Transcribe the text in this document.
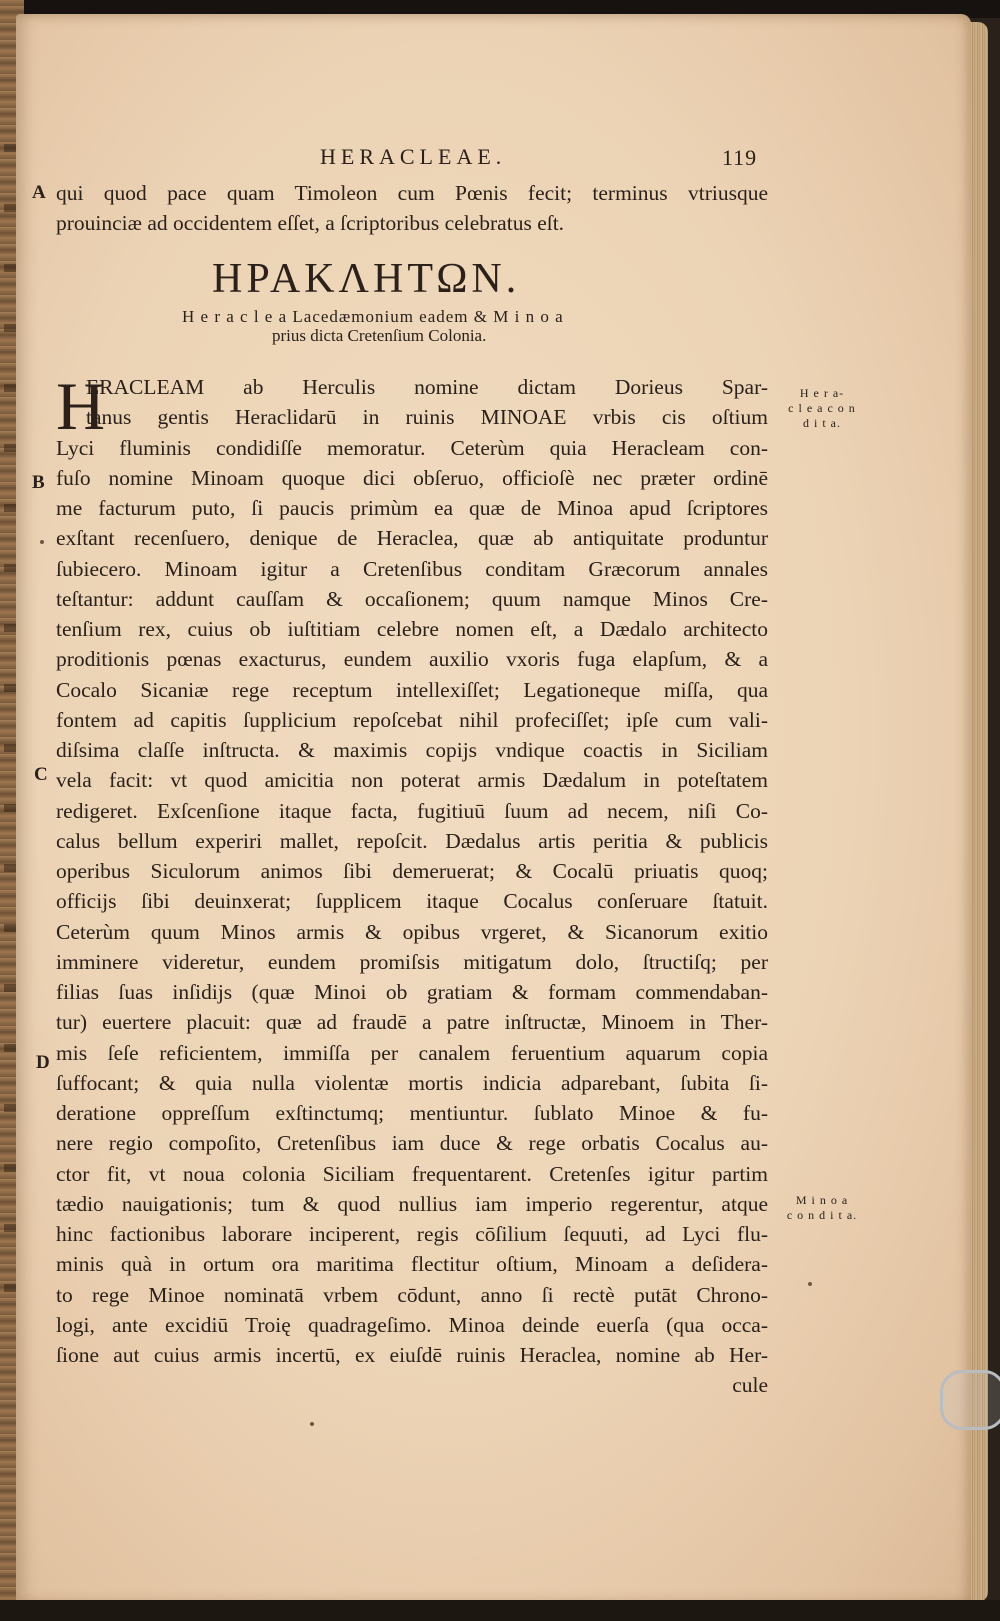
HERACLEAE.	119
A
B
C
D
qui quod pace quam Timoleon cum Pœnis fecit; terminus vtriusque
prouinciæ ad occidentem eſſet, a ſcriptoribus celebratus eſt.
ΗΡΑΚΛΗΤΩΝ.
H e r a c l e a Lacedæmonium eadem & M i n o a
prius dicta Cretenſium Colonia.
H
ERACLEAM ab Herculis nomine dictam Dorieus Spar-
tanus gentis Heraclidarū in ruinis MINOAE vrbis cis oſtium
Lyci fluminis condidiſſe memoratur. Ceterùm quia Heracleam con-
fuſo nomine Minoam quoque dici obſeruo, officioſè nec præter ordinē
me facturum puto, ſi paucis primùm ea quæ de Minoa apud ſcriptores
exſtant recenſuero, denique de Heraclea, quæ ab antiquitate produntur
ſubiecero. Minoam igitur a Cretenſibus conditam Græcorum annales
teſtantur: addunt cauſſam & occaſionem; quum namque Minos Cre-
tenſium rex, cuius ob iuſtitiam celebre nomen eſt, a Dædalo architecto
proditionis pœnas exacturus, eundem auxilio vxoris fuga elapſum, & a
Cocalo Sicaniæ rege receptum intellexiſſet; Legationeque miſſa, qua
fontem ad capitis ſupplicium repoſcebat nihil profeciſſet; ipſe cum vali-
diſsima claſſe inſtructa. & maximis copijs vndique coactis in Siciliam
vela facit: vt quod amicitia non poterat armis Dædalum in poteſtatem
redigeret. Exſcenſione itaque facta, fugitiuū ſuum ad necem, niſi Co-
calus bellum experiri mallet, repoſcit. Dædalus artis peritia & publicis
operibus Siculorum animos ſibi demeruerat; & Cocalū priuatis quoq;
officijs ſibi deuinxerat; ſupplicem itaque Cocalus conſeruare ſtatuit.
Ceterùm quum Minos armis & opibus vrgeret, & Sicanorum exitio
imminere videretur, eundem promiſsis mitigatum dolo, ſtructiſq; per
filias ſuas inſidijs (quæ Minoi ob gratiam & formam commendaban-
tur) euertere placuit: quæ ad fraudē a patre inſtructæ, Minoem in Ther-
mis ſeſe reficientem, immiſſa per canalem feruentium aquarum copia
ſuffocant; & quia nulla violentæ mortis indicia adparebant, ſubita ſi-
deratione oppreſſum exſtinctumq; mentiuntur. ſublato Minoe & fu-
nere regio compoſito, Cretenſibus iam duce & rege orbatis Cocalus au-
ctor fit, vt noua colonia Siciliam frequentarent. Cretenſes igitur partim
tædio nauigationis; tum & quod nullius iam imperio regerentur, atque
hinc factionibus laborare inciperent, regis cōſilium ſequuti, ad Lyci flu-
minis quà in ortum ora maritima flectitur oſtium, Minoam a deſidera-
to rege Minoe nominatā vrbem cōdunt, anno ſi rectè putāt Chrono-
logi, ante excidiū Troię quadrageſimo. Minoa deinde euerſa (qua occa-
ſione aut cuius armis incertū, ex eiuſdē ruinis Heraclea, nomine ab Her-
cule
H e r a-
c l e a c o n
d i t a.
M i n o a
c o n d i t a.
